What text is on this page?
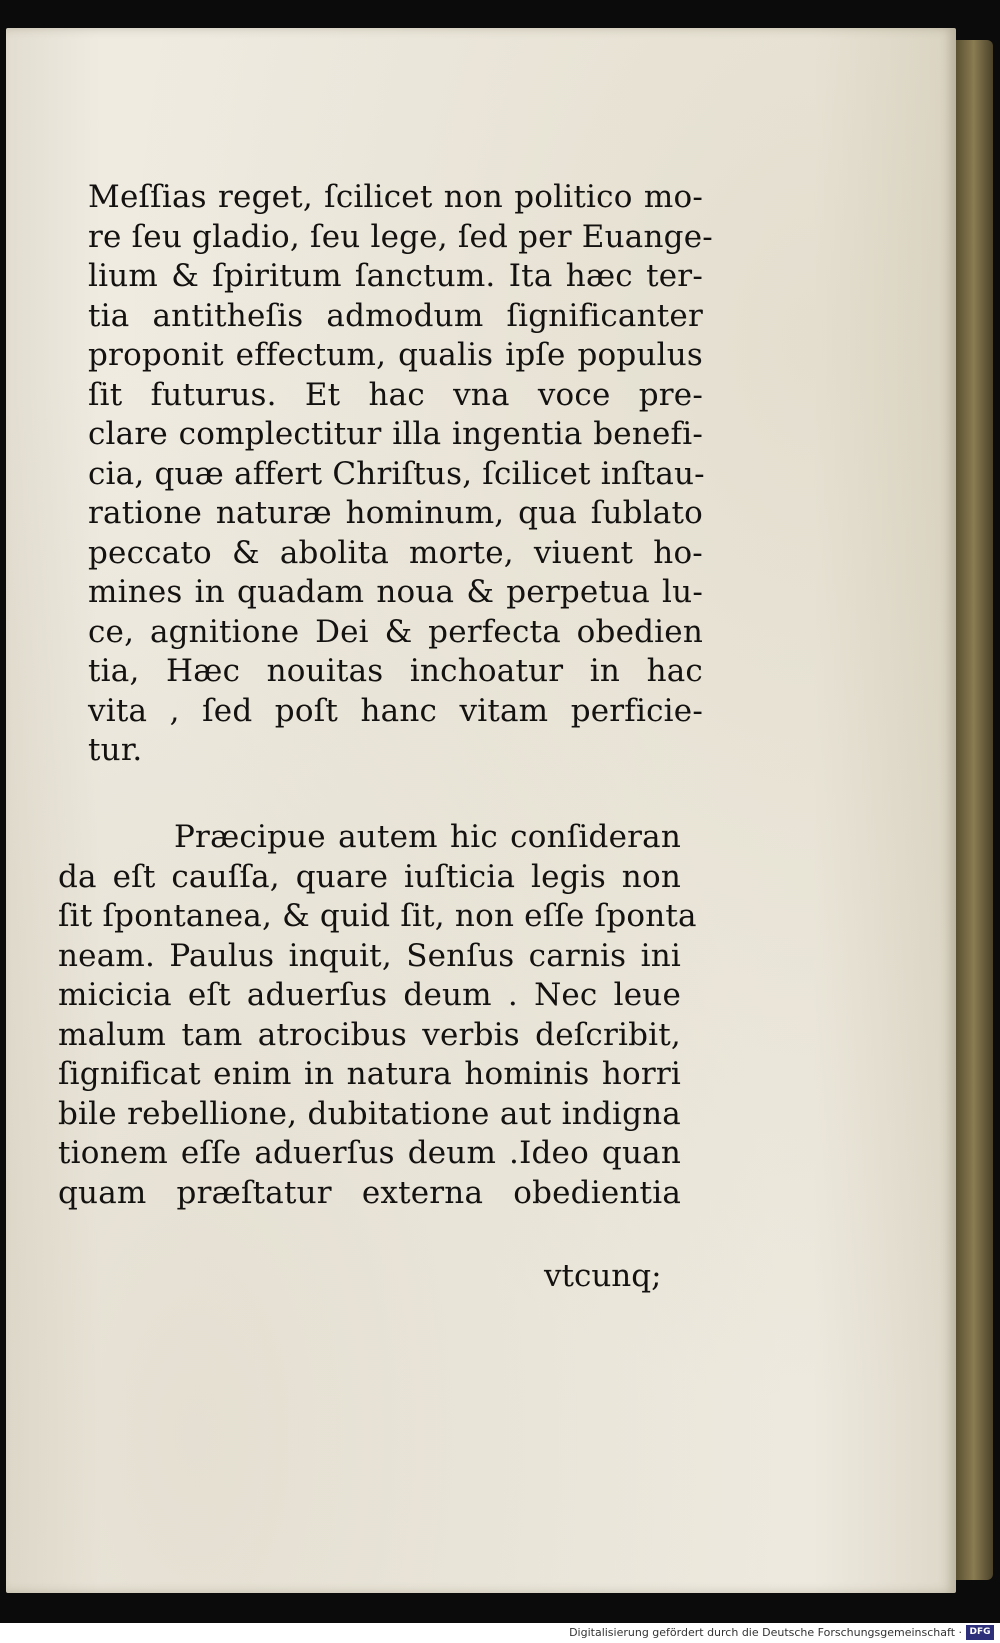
Meſſias reget, ſcilicet non politico mo-
re ſeu gladio, ſeu lege, ſed per Euange-
lium & ſpiritum ſanctum. Ita hæc ter-
tia antitheſis admodum ſignificanter
proponit effectum, qualis ipſe populus
ſit futurus. Et hac vna voce pre-
clare complectitur illa ingentia benefi-
cia, quæ affert Chriſtus, ſcilicet inſtau-
ratione naturæ hominum, qua ſublato
peccato & abolita morte, viuent ho-
mines in quadam noua & perpetua lu-
ce, agnitione Dei & perfecta obedien
tia, Hæc nouitas inchoatur in hac
vita , ſed poſt hanc vitam perficie-
tur.
Præcipue autem hic conſideran
da eſt cauſſa, quare iuſticia legis non
ſit ſpontanea, & quid ſit, non eſſe ſponta
neam. Paulus inquit, Senſus carnis ini
micicia eſt aduerſus deum . Nec leue
malum tam atrocibus verbis deſcribit,
ſignificat enim in natura hominis horri
bile rebellione, dubitatione aut indigna
tionem eſſe aduerſus deum .Ideo quan
quam præſtatur externa obedientia
vtcunq;
Digitalisierung gefördert durch die Deutsche Forschungsgemeinschaft · DFG
